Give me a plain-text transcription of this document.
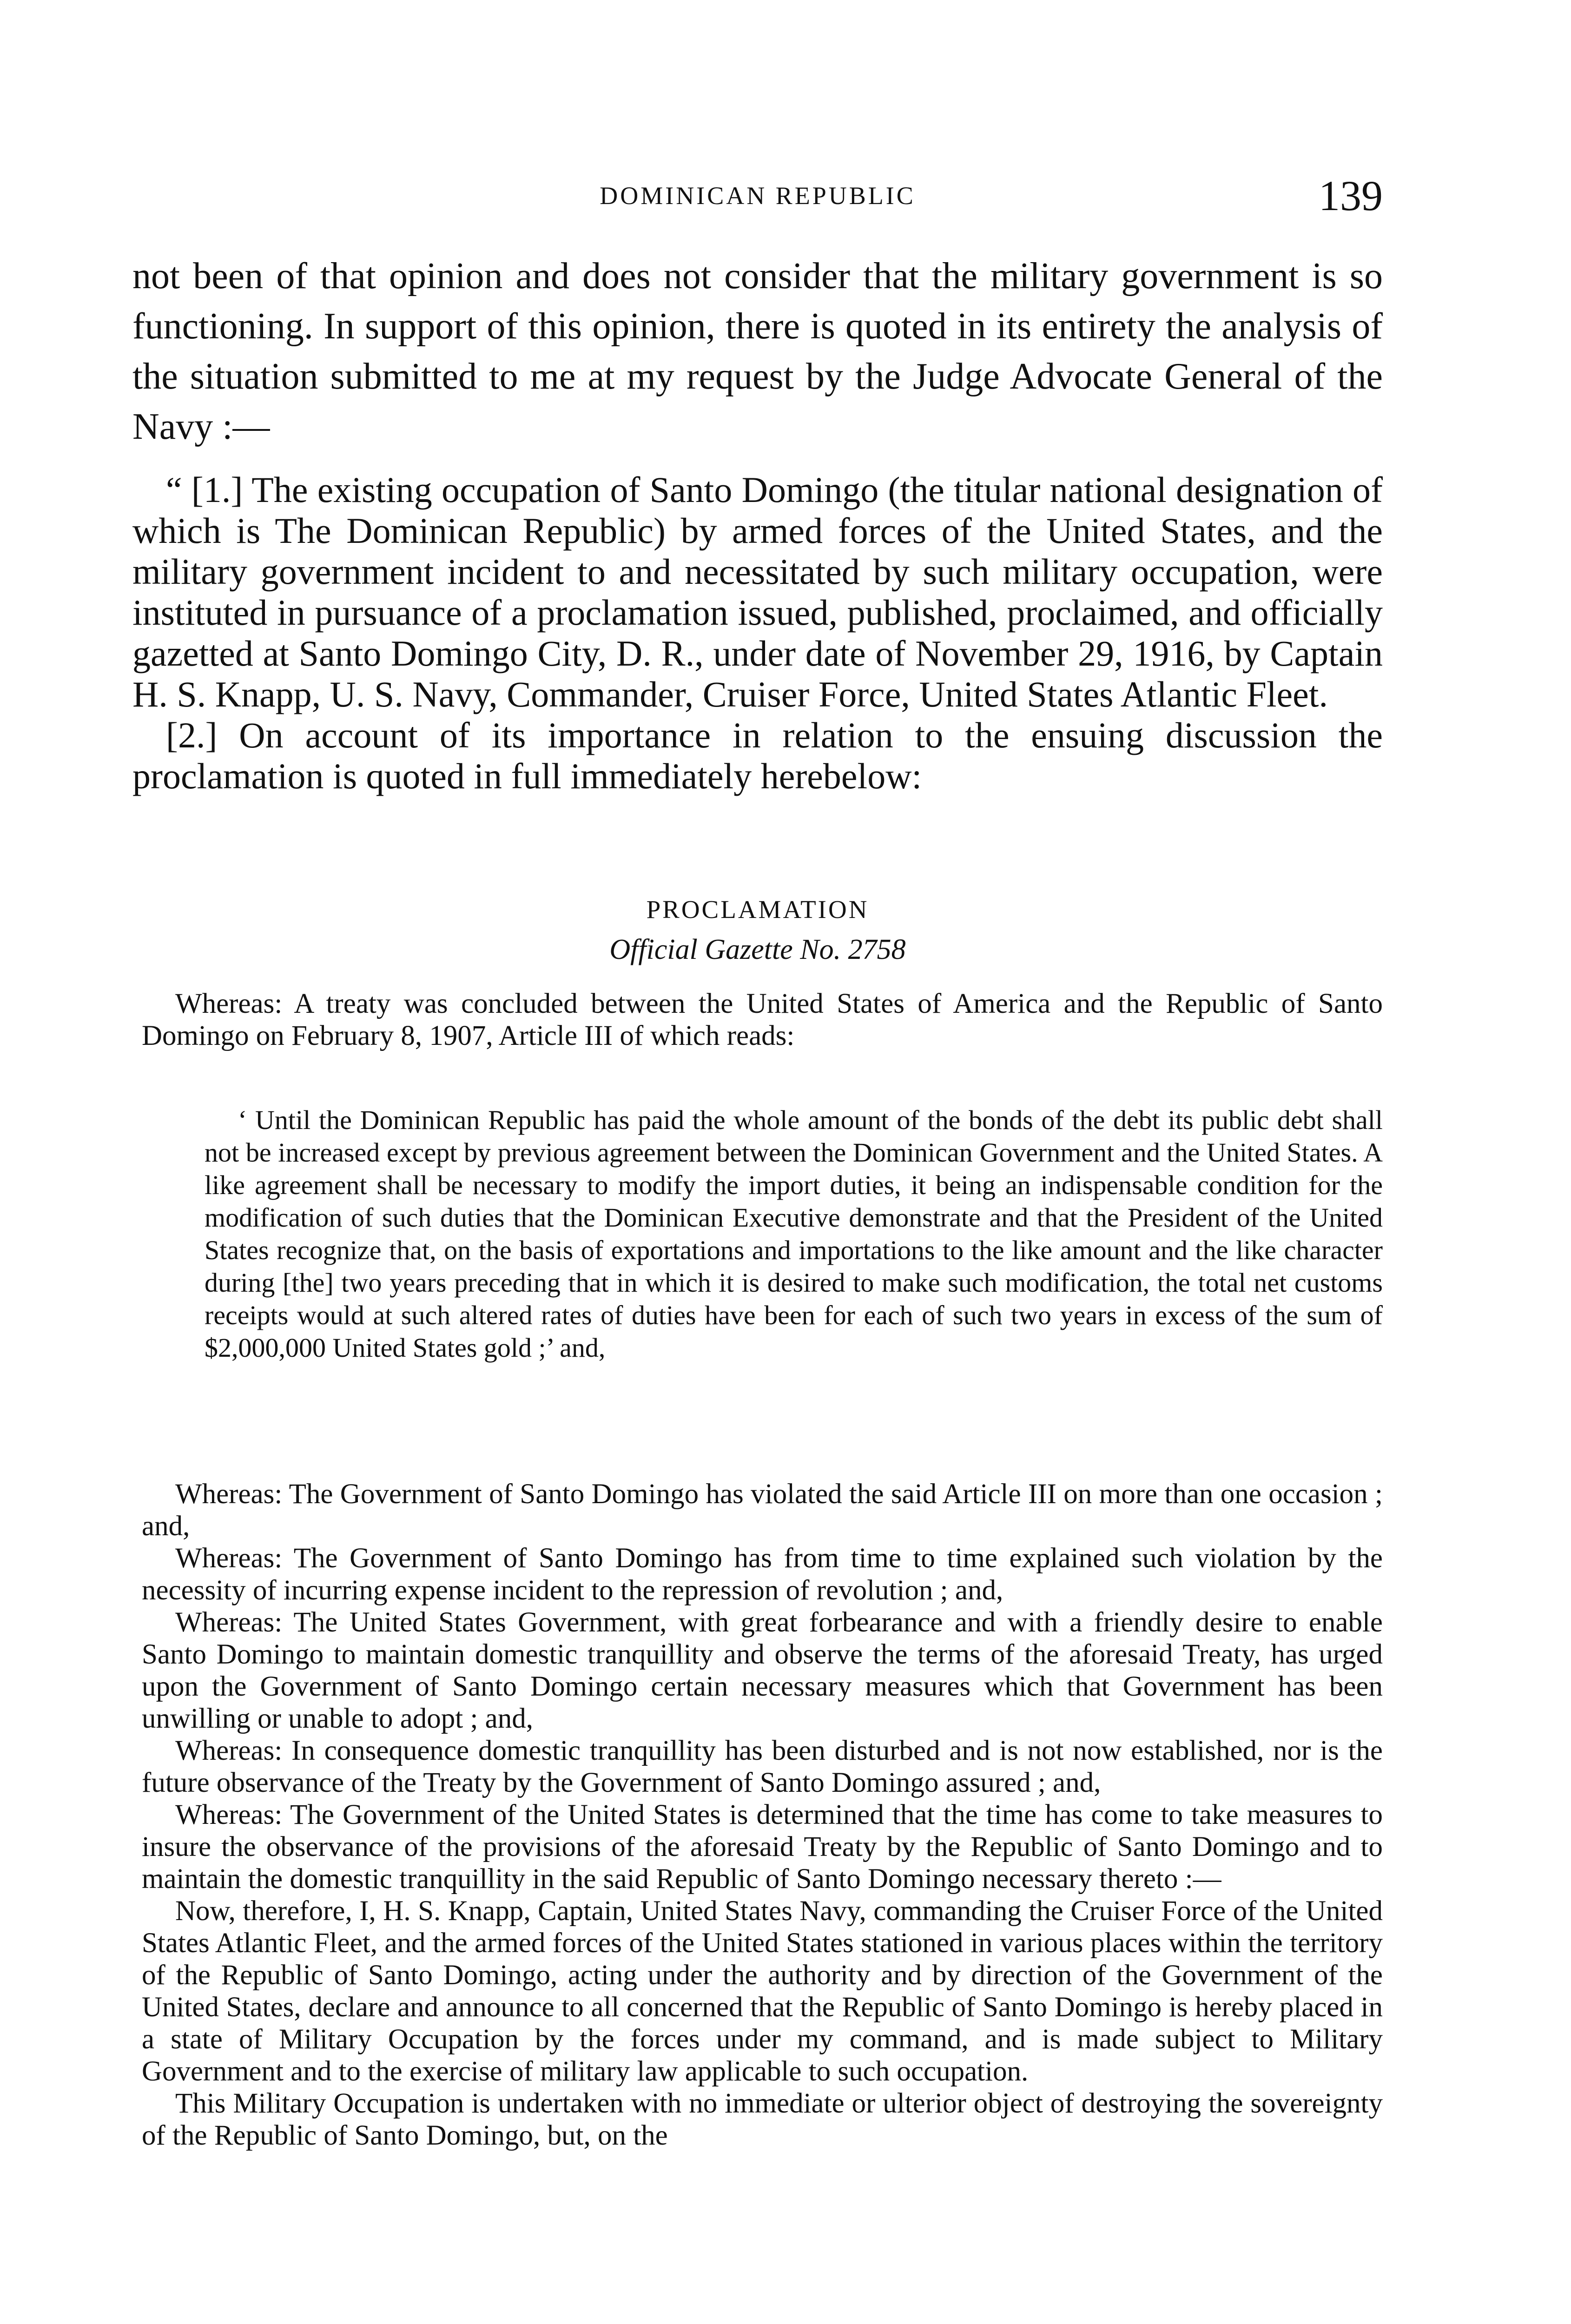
DOMINICAN REPUBLIC	139

not been of that opinion and does not consider that the military government is so functioning. In support of this opinion, there is quoted in its entirety the analysis of the situation submitted to me at my request by the Judge Advocate General of the Navy :—

“ [1.] The existing occupation of Santo Domingo (the titular national designation of which is The Dominican Republic) by armed forces of the United States, and the military government incident to and necessitated by such military occupation, were instituted in pursuance of a proclamation issued, published, proclaimed, and officially gazetted at Santo Domingo City, D. R., under date of November 29, 1916, by Captain H. S. Knapp, U. S. Navy, Commander, Cruiser Force, United States Atlantic Fleet.

[2.] On account of its importance in relation to the ensuing discussion the proclamation is quoted in full immediately herebelow:

PROCLAMATION
Official Gazette No. 2758

Whereas: A treaty was concluded between the United States of America and the Republic of Santo Domingo on February 8, 1907, Article III of which reads:

‘ Until the Dominican Republic has paid the whole amount of the bonds of the debt its public debt shall not be increased except by previous agreement between the Dominican Government and the United States. A like agreement shall be necessary to modify the import duties, it being an indispensable condition for the modification of such duties that the Dominican Executive demonstrate and that the President of the United States recognize that, on the basis of exportations and importations to the like amount and the like character during [the] two years preceding that in which it is desired to make such modification, the total net customs receipts would at such altered rates of duties have been for each of such two years in excess of the sum of $2,000,000 United States gold ;’ and,

Whereas: The Government of Santo Domingo has violated the said Article III on more than one occasion ; and,

Whereas: The Government of Santo Domingo has from time to time explained such violation by the necessity of incurring expense incident to the repression of revolution ; and,

Whereas: The United States Government, with great forbearance and with a friendly desire to enable Santo Domingo to maintain domestic tranquillity and observe the terms of the aforesaid Treaty, has urged upon the Government of Santo Domingo certain necessary measures which that Government has been unwilling or unable to adopt ; and,

Whereas: In consequence domestic tranquillity has been disturbed and is not now established, nor is the future observance of the Treaty by the Government of Santo Domingo assured ; and,

Whereas: The Government of the United States is determined that the time has come to take measures to insure the observance of the provisions of the aforesaid Treaty by the Republic of Santo Domingo and to maintain the domestic tranquillity in the said Republic of Santo Domingo necessary thereto :—

Now, therefore, I, H. S. Knapp, Captain, United States Navy, commanding the Cruiser Force of the United States Atlantic Fleet, and the armed forces of the United States stationed in various places within the territory of the Republic of Santo Domingo, acting under the authority and by direction of the Government of the United States, declare and announce to all concerned that the Republic of Santo Domingo is hereby placed in a state of Military Occupation by the forces under my command, and is made subject to Military Government and to the exercise of military law applicable to such occupation.

This Military Occupation is undertaken with no immediate or ulterior object of destroying the sovereignty of the Republic of Santo Domingo, but, on the
